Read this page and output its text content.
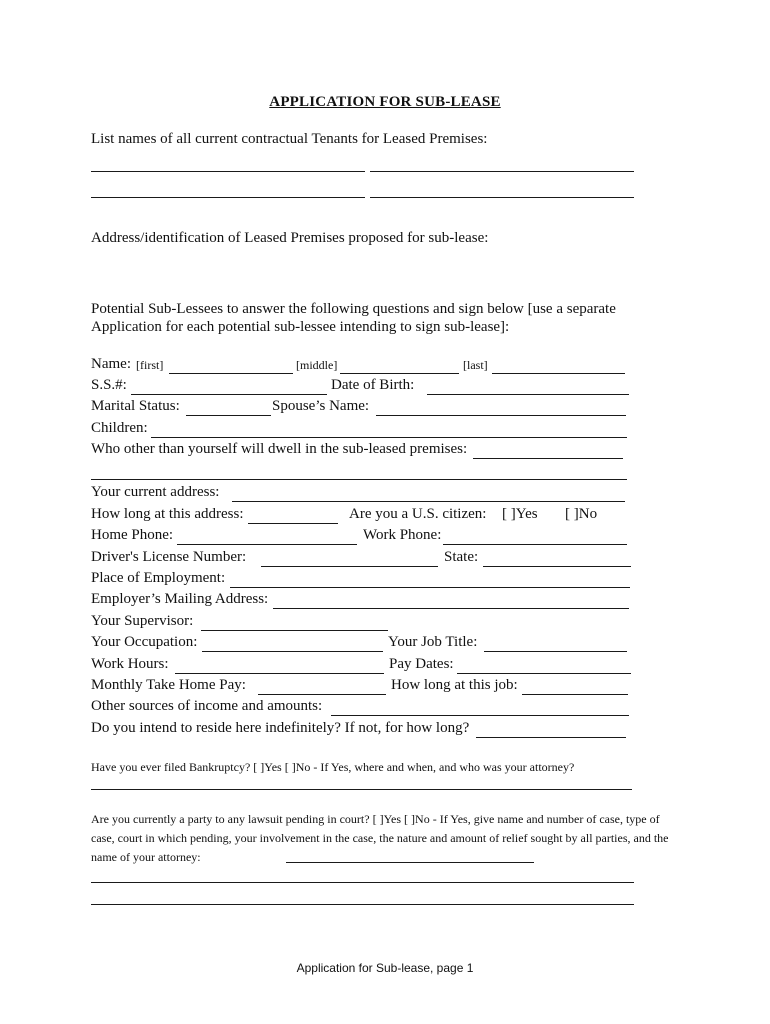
APPLICATION FOR SUB-LEASE
List names of all current contractual Tenants for Leased Premises:
Address/identification of Leased Premises proposed for sub-lease:
Potential Sub-Lessees to answer the following questions and sign below [use a separate Application for each potential sub-lessee intending to sign sub-lease]:
Name: [first]	[middle]	[last]
S.S.#:	Date of Birth:
Marital Status:	Spouse’s Name:
Children:
Who other than yourself will dwell in the sub-leased premises:
Your current address:
How long at this address:	Are you a U.S. citizen: [ ]Yes [ ]No
Home Phone:	Work Phone:
Driver's License Number:	State:
Place of Employment:
Employer’s Mailing Address:
Your Supervisor:
Your Occupation:	Your Job Title:
Work Hours:	Pay Dates:
Monthly Take Home Pay:	How long at this job:
Other sources of income and amounts:
Do you intend to reside here indefinitely? If not, for how long?
Have you ever filed Bankruptcy? [ ]Yes [ ]No - If Yes, where and when, and who was your attorney?
Are you currently a party to any lawsuit pending in court? [ ]Yes [ ]No - If Yes, give name and number of case, type of case, court in which pending, your involvement in the case, the nature and amount of relief sought by all parties, and the name of your attorney:
Application for Sub-lease, page 1
